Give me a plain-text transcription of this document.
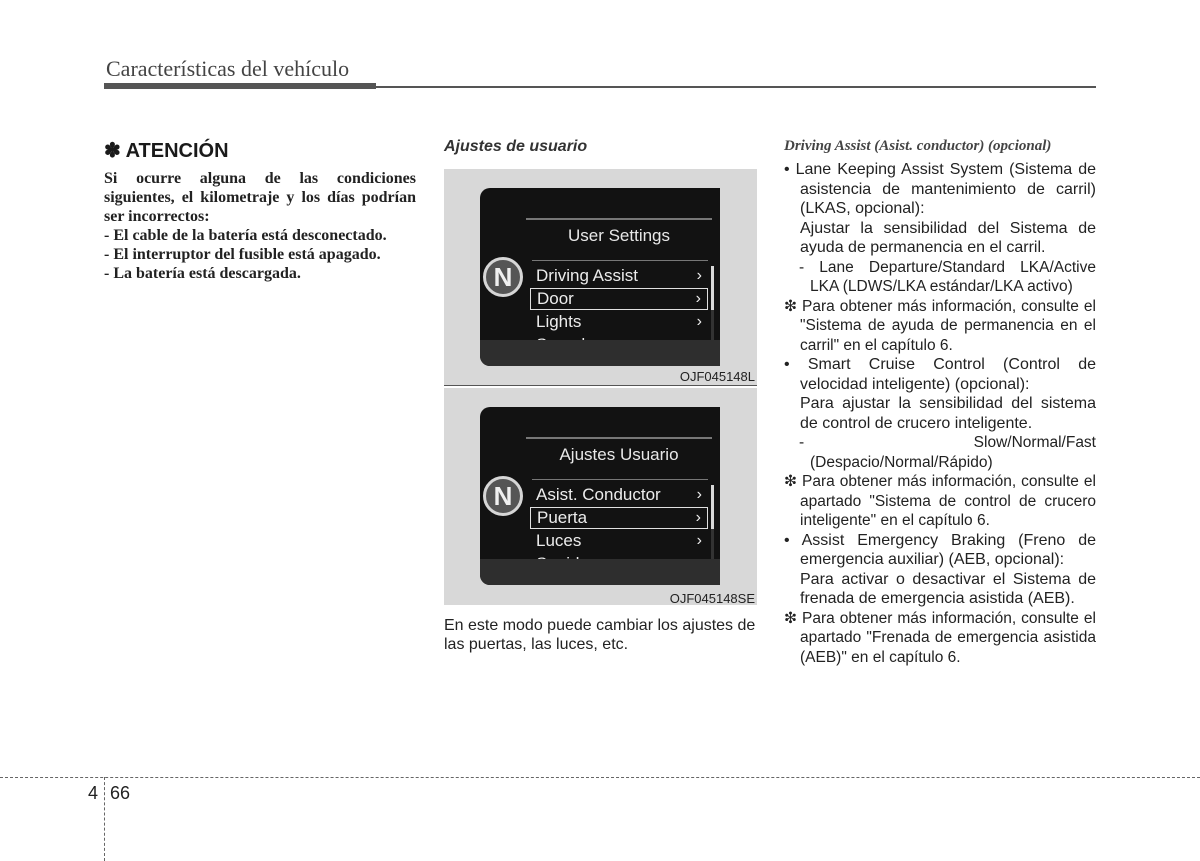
Características del vehículo
✽ ATENCIÓN

Si ocurre alguna de las condiciones siguientes, el kilometraje y los días podrían ser incorrectos:

- El cable de la batería está desconectado.
- El interruptor del fusible está apagado.
- La batería está descargada.
Ajustes de usuario
N
User Settings
Driving Assist	›
Door	›
Lights	›
OJF045148L
N
Ajustes Usuario
Asist. Conductor ›
Puerta	›
Luces	›
OJF045148SE
En este modo puede cambiar los ajustes de las puertas, las luces, etc.
Driving Assist (Asist. conductor) (opcional)
• Lane Keeping Assist System (Sistema de asistencia de mantenimiento de carril) (LKAS, opcional):
Ajustar la sensibilidad del Sistema de ayuda de permanencia en el carril.
- Lane Departure/Standard LKA/Active LKA (LDWS/LKA estándar/LKA activo)
❇ Para obtener más información, consulte el "Sistema de ayuda de permanencia en el carril" en el capítulo 6.
• Smart Cruise Control (Control de velocidad inteligente) (opcional):
Para ajustar la sensibilidad del sistema de control de crucero inteligente.
- Slow/Normal/Fast (Despacio/Normal/Rápido)
❇ Para obtener más información, consulte el apartado "Sistema de control de crucero inteligente" en el capítulo 6.
• Assist Emergency Braking (Freno de emergencia auxiliar) (AEB, opcional):
Para activar o desactivar el Sistema de frenada de emergencia asistida (AEB).
❇ Para obtener más información, consulte el apartado "Frenada de emergencia asistida (AEB)" en el capítulo 6.
4 66
